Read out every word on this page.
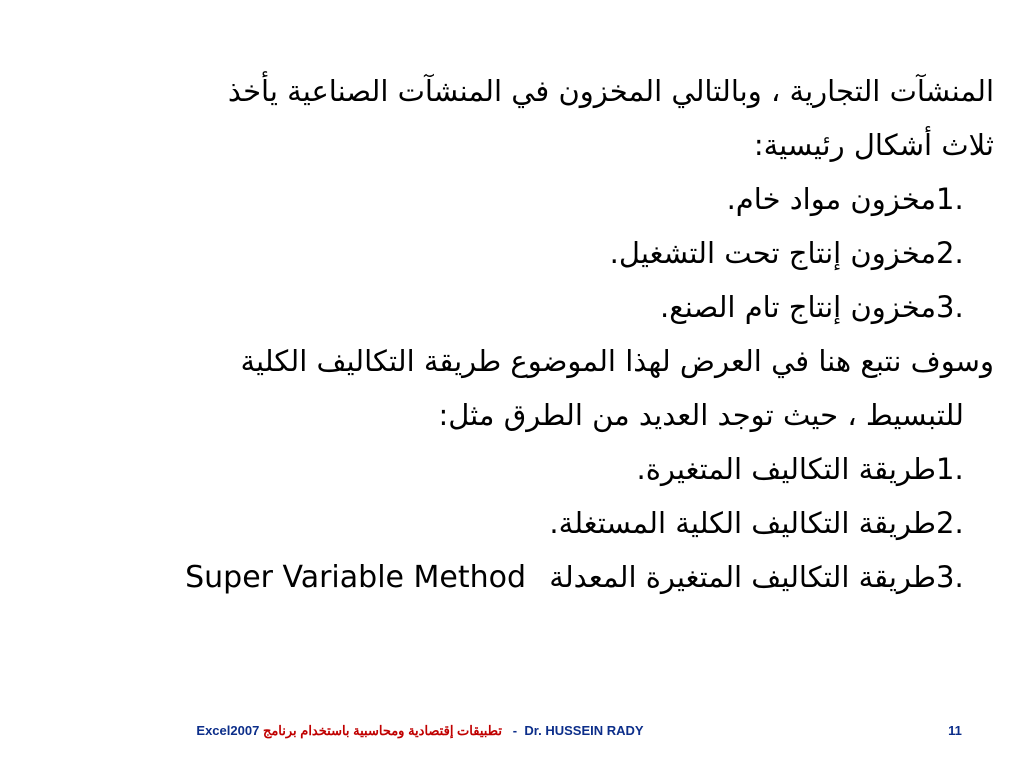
المنشآت التجارية ، وبالتالي المخزون في المنشآت الصناعية يأخذ
ثلاث أشكال رئيسية:

1.
مخزون مواد خام.
2.
مخزون إنتاج تحت التشغيل.
3.
مخزون إنتاج تام الصنع.

وسوف نتبع هنا في العرض لهذا الموضوع طريقة التكاليف الكلية
للتبسيط ، حيث توجد العديد من الطرق مثل:

1.
طريقة التكاليف المتغيرة.
2.
طريقة التكاليف الكلية المستغلة.
3.
طريقة التكاليف المتغيرة المعدلة Super Variable Method
Excel2007 تطبيقات إقتصادية ومحاسبية باستخدام برنامج - Dr. HUSSEIN RADY	11
